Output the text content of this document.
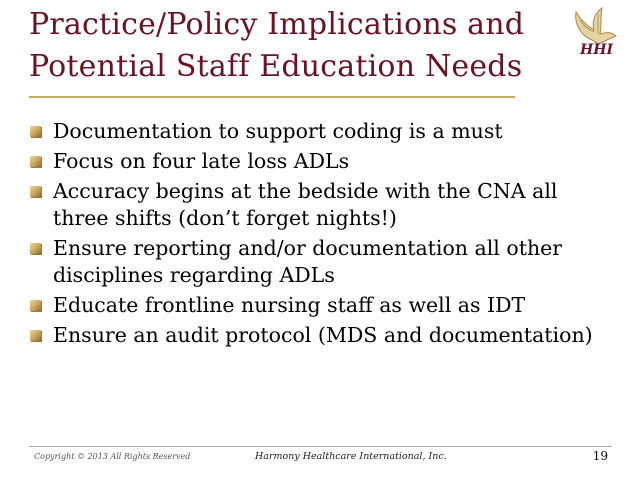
Practice/Policy Implications and
Potential Staff Education Needs	HHI
Documentation to support coding is a must
Focus on four late loss ADLs
Accuracy begins at the bedside with the CNA all three shifts (don’t forget nights!)
Ensure reporting and/or documentation all other disciplines regarding ADLs
Educate frontline nursing staff as well as IDT
Ensure an audit protocol (MDS and documentation)
Copyright © 2013 All Rights Reserved	Harmony Healthcare International, Inc.	19
